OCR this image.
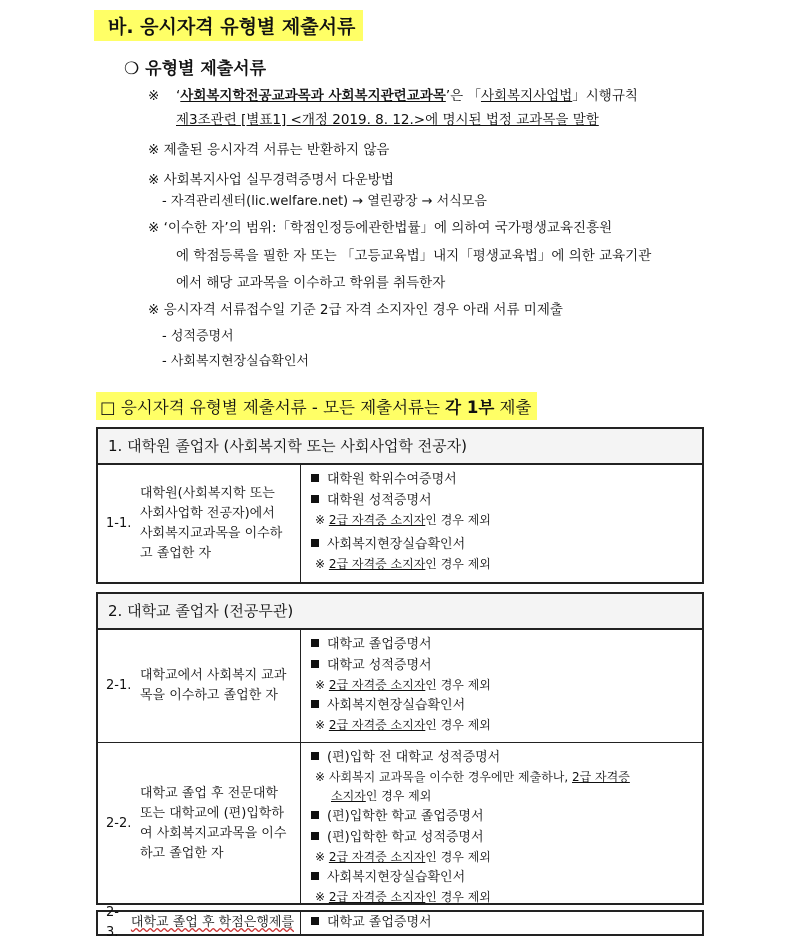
바. 응시자격 유형별 제출서류
❍ 유형별 제출서류
※ ‘사회복지학전공교과목과 사회복지관련교과목’은 「사회복지사업법」시행규칙
제3조관련 [별표1] <개정 2019. 8. 12.>에 명시된 법정 교과목을 말함
※ 제출된 응시자격 서류는 반환하지 않음
※ 사회복지사업 실무경력증명서 다운방법
- 자격관리센터(lic.welfare.net) → 열린광장 → 서식모음
※ ‘이수한 자’의 범위:「학점인정등에관한법률」에 의하여 국가평생교육진흥원
에 학점등록을 필한 자 또는 「고등교육법」내지「평생교육법」에 의한 교육기관
에서 해당 교과목을 이수하고 학위를 취득한자
※ 응시자격 서류접수일 기준 2급 자격 소지자인 경우 아래 서류 미제출
- 성적증명서
- 사회복지현장실습확인서
□ 응시자격 유형별 제출서류 - 모든 제출서류는 각 1부 제출
1. 대학원 졸업자 (사회복지학 또는 사회사업학 전공자)
1-1.
대학원(사회복지학 또는 사회사업학 전공자)에서 사회복지교과목을 이수하고 졸업한 자
대학원 학위수여증명서
대학원 성적증명서
※ 2급 자격증 소지자인 경우 제외
사회복지현장실습확인서
※ 2급 자격증 소지자인 경우 제외
2. 대학교 졸업자 (전공무관)
2-1.
대학교에서 사회복지 교과목을 이수하고 졸업한 자
대학교 졸업증명서
대학교 성적증명서
※ 2급 자격증 소지자인 경우 제외
사회복지현장실습확인서
※ 2급 자격증 소지자인 경우 제외
2-2.
대학교 졸업 후 전문대학 또는 대학교에 (편)입학하여 사회복지교과목을 이수하고 졸업한 자
(편)입학 전 대학교 성적증명서
※ 사회복지 교과목을 이수한 경우에만 제출하나, 2급 자격증
소지자인 경우 제외
(편)입학한 학교 졸업증명서
(편)입학한 학교 성적증명서
※ 2급 자격증 소지자인 경우 제외
사회복지현장실습확인서
※ 2급 자격증 소지자인 경우 제외
2-3.
대학교 졸업 후 학점은행제를	대학교 졸업증명서
